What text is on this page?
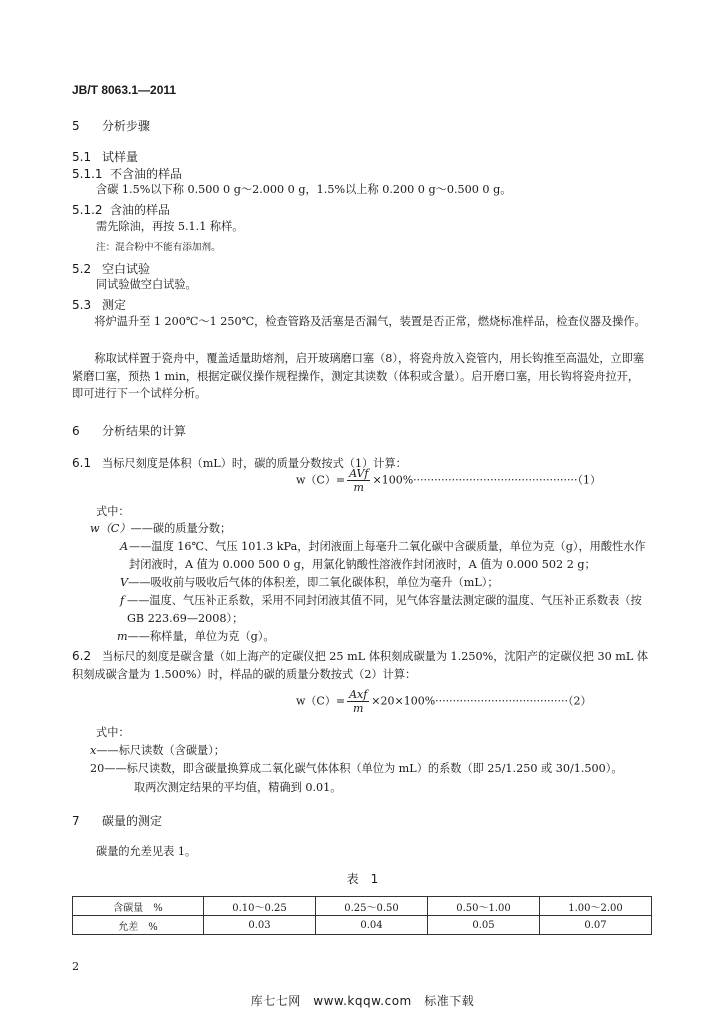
JB/T 8063.1—2011
5 分析步骤
5.1 试样量
5.1.1 不含油的样品
含碳 1.5%以下称 0.500 0 g～2.000 0 g，1.5%以上称 0.200 0 g～0.500 0 g。
5.1.2 含油的样品
需先除油，再按 5.1.1 称样。
注：混合粉中不能有添加剂。
5.2 空白试验
同试验做空白试验。
5.3 测定
将炉温升至 1 200℃～1 250℃，检查管路及活塞是否漏气，装置是否正常，燃烧标准样品，检查仪器及操作。
称取试样置于瓷舟中，覆盖适量助熔剂，启开玻璃磨口塞（8），将瓷舟放入瓷管内，用长钩推至高温处，立即塞紧磨口塞，预热 1 min，根据定碳仪操作规程操作，测定其读数（体积或含量）。启开磨口塞，用长钩将瓷舟拉开，即可进行下一个试样分析。
6 分析结果的计算
6.1 当标尺刻度是体积（mL）时，碳的质量分数按式（1）计算：
$w(C)= \frac{\text{AVf}}{m} \times 100\%\cdot\cdot\cdot\cdot\cdot\cdot\cdot\cdot\cdot\cdot\cdot\cdot\cdot\cdot\cdot\cdot\cdot\cdot\cdot\cdot\cdot\cdot\cdot\cdot\cdot\cdot\cdot\cdot\cdot\cdot\cdot\cdot\cdot\cdot\cdot\cdot\cdot\cdot\cdot\cdot\cdot\cdot\cdot\cdot\cdot\cdot\cdot(1)$
式中：
w（C）——碳的质量分数；
A ——温度 16℃、气压 101.3 kPa，封闭液面上每毫升二氧化碳中含碳质量，单位为克（g），用酸性水作封闭液时，A 值为 0.000 500 0 g，用氯化钠酸性溶液作封闭液时，A 值为 0.000 502 2 g；
V——吸收前与吸收后气体的体积差，即二氧化碳体积，单位为毫升（mL）；
f ——温度、气压补正系数，采用不同封闭液其值不同，见气体容量法测定碳的温度、气压补正系数表（按 GB 223.69—2008）；
m——称样量，单位为克（g）。
6.2 当标尺的刻度是碳含量（如上海产的定碳仪把 25 mL 体积刻成碳量为 1.250%，沈阳产的定碳仪把 30 mL 体积刻成碳含量为 1.500%）时，样品的碳的质量分数按式（2）计算：
$w(C)= \frac{\text{Axf}}{m} \times 20\times 100\%\cdot\cdot\cdot\cdot\cdot\cdot\cdot\cdot\cdot\cdot\cdot\cdot\cdot\cdot\cdot\cdot\cdot\cdot\cdot\cdot\cdot\cdot\cdot\cdot\cdot\cdot\cdot\cdot\cdot\cdot\cdot\cdot\cdot\cdot\cdot\cdot\cdot\cdot(2)$
式中：
x——标尺读数（含碳量）；
20——标尺读数，即含碳量换算成二氧化碳气体体积（单位为 mL）的系数（即 25/1.250 或 30/1.500）。
取两次测定结果的平均值，精确到 0.01。
7 碳量的测定
碳量的允差见表 1。
表　1
含碳量　%	0.10～0.25	0.25～0.50	0.50～1.00	1.00～2.00
允差　%	0.03	0.04	0.05	0.07
2
库七七网　www.kqqw.com　标准下载
